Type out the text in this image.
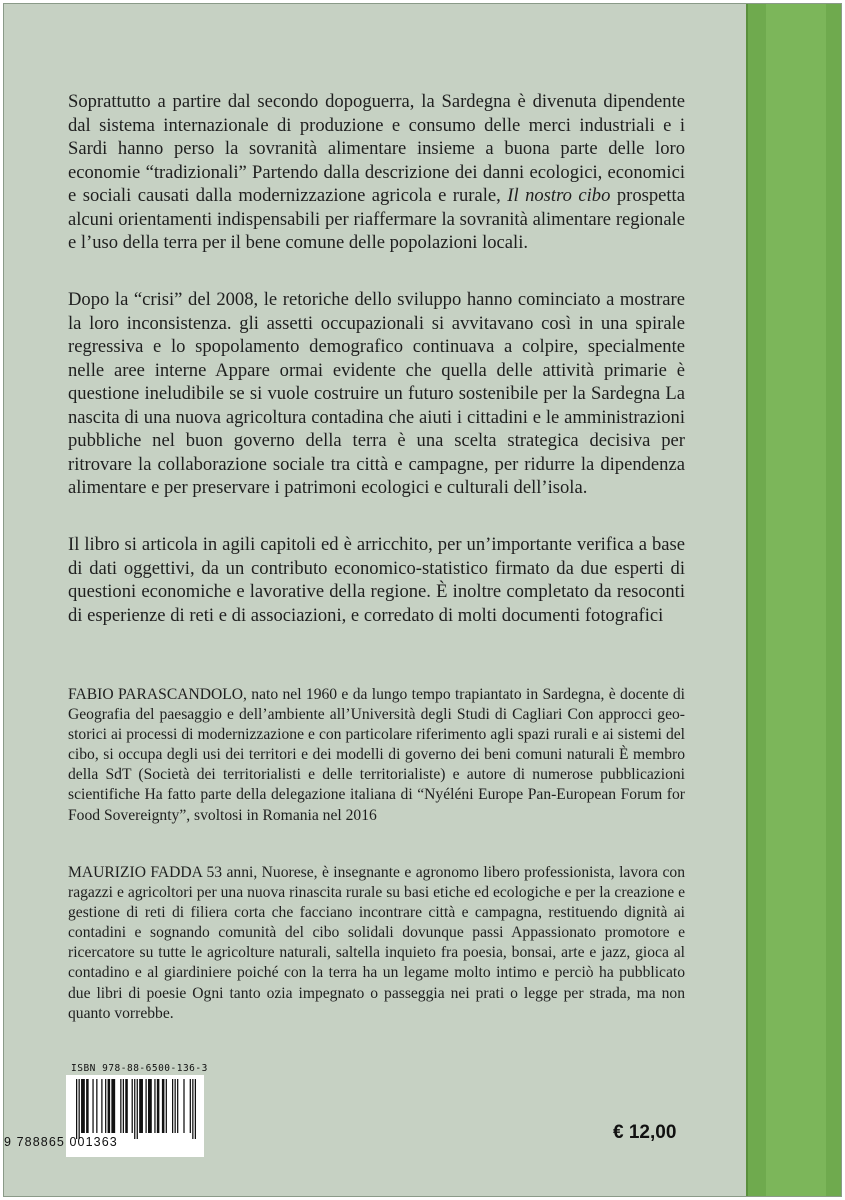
Soprattutto a partire dal secondo dopoguerra, la Sardegna è divenuta dipendente dal sistema internazionale di produzione e consumo delle merci industriali e i Sardi hanno perso la sovranità alimentare insieme a buona parte delle loro economie “tradizionali” Partendo dalla descrizione dei danni ecologici, economici e sociali causati dalla modernizzazione agricola e rurale, Il nostro cibo prospetta alcuni orientamenti indispensabili per riaffermare la sovranità alimentare regionale e l’uso della terra per il bene comune delle popolazioni locali.

Dopo la “crisi” del 2008, le retoriche dello sviluppo hanno cominciato a mostrare la loro inconsistenza. gli assetti occupazionali si avvitavano così in una spirale regressiva e lo spopolamento demografico continuava a colpire, specialmente nelle aree interne Appare ormai evidente che quella delle attività primarie è questione ineludibile se si vuole costruire un futuro sostenibile per la Sardegna La nascita di una nuova agricoltura contadina che aiuti i cittadini e le amministrazioni pubbliche nel buon governo della terra è una scelta strategica decisiva per ritrovare la collaborazione sociale tra città e campagne, per ridurre la dipendenza alimentare e per preservare i patrimoni ecologici e culturali dell’isola.

Il libro si articola in agili capitoli ed è arricchito, per un’importante verifica a base di dati oggettivi, da un contributo economico-statistico firmato da due esperti di questioni economiche e lavorative della regione. È inoltre completato da resoconti di esperienze di reti e di associazioni, e corredato di molti documenti fotografici

FABIO PARASCANDOLO, nato nel 1960 e da lungo tempo trapiantato in Sardegna, è docente di Geografia del paesaggio e dell’ambiente all’Università degli Studi di Cagliari Con approcci geo-storici ai processi di modernizzazione e con particolare riferimento agli spazi rurali e ai sistemi del cibo, si occupa degli usi dei territori e dei modelli di governo dei beni comuni naturali È membro della SdT (Società dei territorialisti e delle territorialiste) e autore di numerose pubblicazioni scientifiche Ha fatto parte della delegazione italiana di “Nyéléni Europe Pan-European Forum for Food Sovereignty”, svoltosi in Romania nel 2016

MAURIZIO FADDA 53 anni, Nuorese, è insegnante e agronomo libero professionista, lavora con ragazzi e agricoltori per una nuova rinascita rurale su basi etiche ed ecologiche e per la creazione e gestione di reti di filiera corta che facciano incontrare città e campagna, restituendo dignità ai contadini e sognando comunità del cibo solidali dovunque passi Appassionato promotore e ricercatore su tutte le agricolture naturali, saltella inquieto fra poesia, bonsai, arte e jazz, gioca al contadino e al giardiniere poiché con la terra ha un legame molto intimo e perciò ha pubblicato due libri di poesie Ogni tanto ozia impegnato o passeggia nei prati o legge per strada, ma non quanto vorrebbe.

ISBN 978-88-6500-136-3
9 788865 001363	€ 12,00
